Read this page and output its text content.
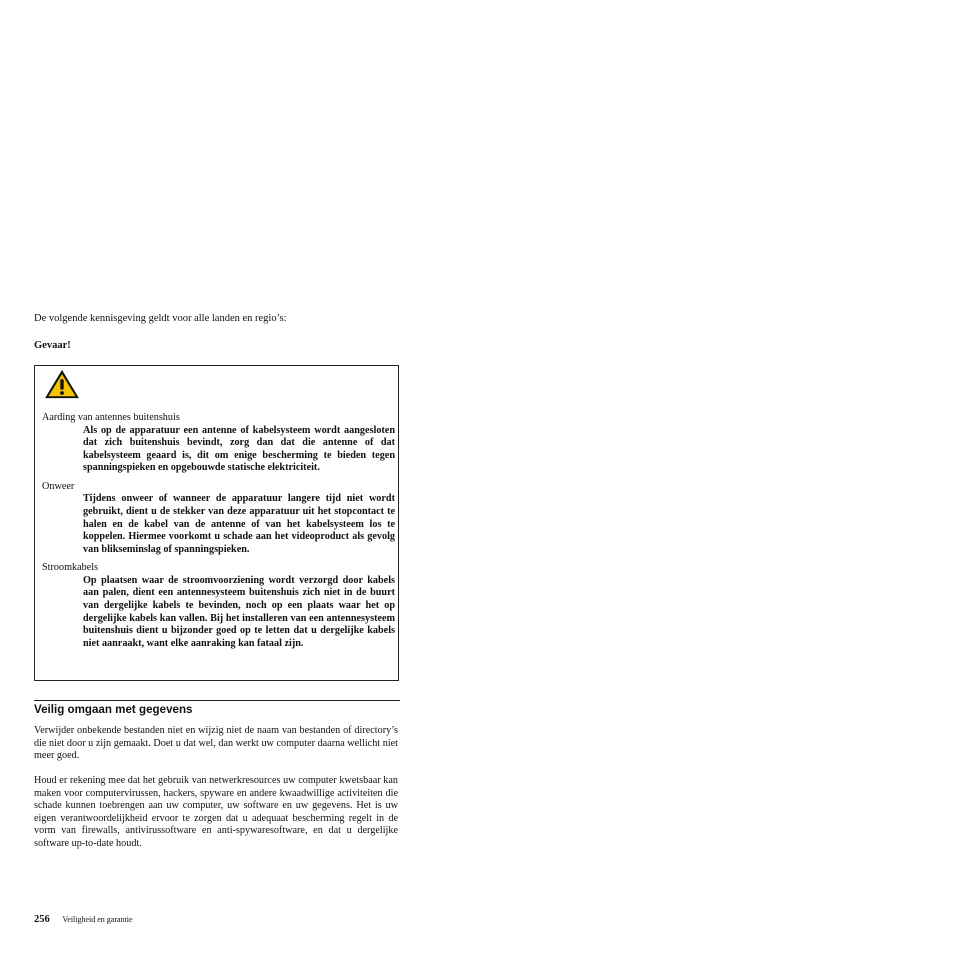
De volgende kennisgeving geldt voor alle landen en regio’s:
Gevaar!
Aarding van antennes buitenshuis
Als op de apparatuur een antenne of kabelsysteem wordt aangesloten dat zich buitenshuis bevindt, zorg dan dat die antenne of dat kabelsysteem geaard is, dit om enige bescherming te bieden tegen spanningspieken en opgebouwde statische elektriciteit.
Onweer
Tijdens onweer of wanneer de apparatuur langere tijd niet wordt gebruikt, dient u de stekker van deze apparatuur uit het stopcontact te halen en de kabel van de antenne of van het kabelsysteem los te koppelen. Hiermee voorkomt u schade aan het videoproduct als gevolg van blikseminslag of spanningspieken.
Stroomkabels
Op plaatsen waar de stroomvoorziening wordt verzorgd door kabels aan palen, dient een antennesysteem buitenshuis zich niet in de buurt van dergelijke kabels te bevinden, noch op een plaats waar het op dergelijke kabels kan vallen. Bij het installeren van een antennesysteem buitenshuis dient u bijzonder goed op te letten dat u dergelijke kabels niet aanraakt, want elke aanraking kan fataal zijn.
Veilig omgaan met gegevens
Verwijder onbekende bestanden niet en wijzig niet de naam van bestanden of directory’s die niet door u zijn gemaakt. Doet u dat wel, dan werkt uw computer daarna wellicht niet meer goed.
Houd er rekening mee dat het gebruik van netwerkresources uw computer kwetsbaar kan maken voor computervirussen, hackers, spyware en andere kwaadwillige activiteiten die schade kunnen toebrengen aan uw computer, uw software en uw gegevens. Het is uw eigen verantwoordelijkheid ervoor te zorgen dat u adequaat bescherming regelt in de vorm van firewalls, antivirussoftware en anti-spywaresoftware, en dat u dergelijke software up-to-date houdt.
256 Veiligheid en garantie
